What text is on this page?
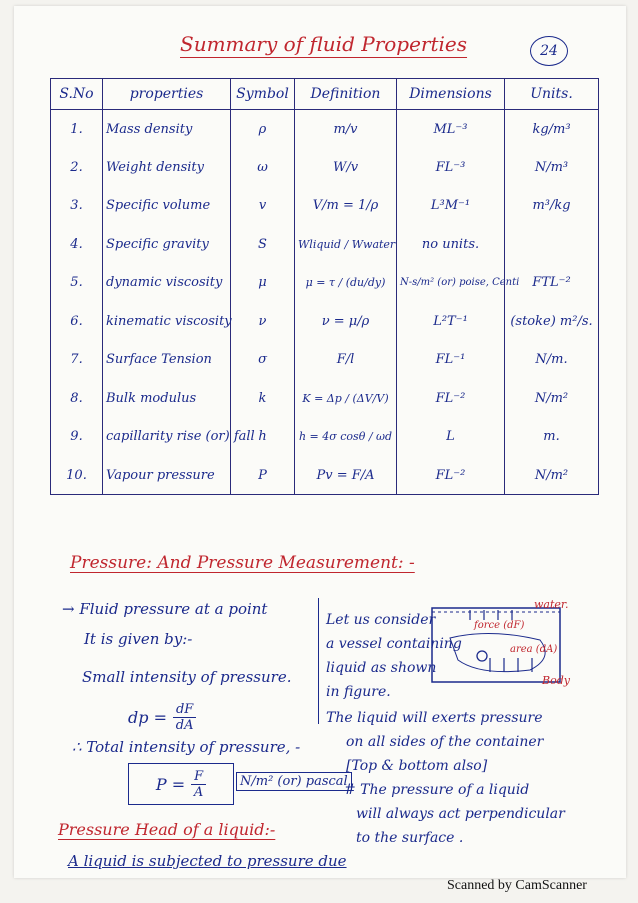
Summary of fluid Properties	24
S.No	properties	Symbol	Definition	Dimensions	Units.
1.	Mass density	ρ	m/v	ML⁻³	kg/m³
2.	Weight density	ω	W/v	FL⁻³	N/m³
3.	Specific volume	v	V/m = 1/ρ	L³M⁻¹	m³/kg
4.	Specific gravity	S	Wliquid / Wwater	no units.	
5.	dynamic viscosity	μ	μ = τ / (du/dy)	N-s/m² (or) poise, Centi	FTL⁻²
6.	kinematic viscosity	ν	ν = μ/ρ	L²T⁻¹	(stoke) m²/s.
7.	Surface Tension	σ	F/l	FL⁻¹	N/m.
8.	Bulk modulus	k	K = Δp / (ΔV/V)	FL⁻²	N/m²
9.	capillarity rise (or) fall	h	h = 4σ cosθ / ωd	L	m.
10.	Vapour pressure	P	Pv = F/A	FL⁻²	N/m²
Pressure: And Pressure Measurement: -
→ Fluid pressure at a point
It is given by:-
Small intensity of pressure.
dp = $\frac{dF}{dA}$
∴ Total intensity of pressure, -
$P = \frac{F}{A}$	N/m² (or) pascal
Let us consider
a vessel containing
liquid as shown
in figure.
The liquid will exerts pressure
on all sides of the container
[Top & bottom also]
# The pressure of a liquid
will always act perpendicular
to the surface .
water.
force (dF)
area (dA)
Body
Pressure Head of a liquid:-
A liquid is subjected to pressure due
Scanned by CamScanner
